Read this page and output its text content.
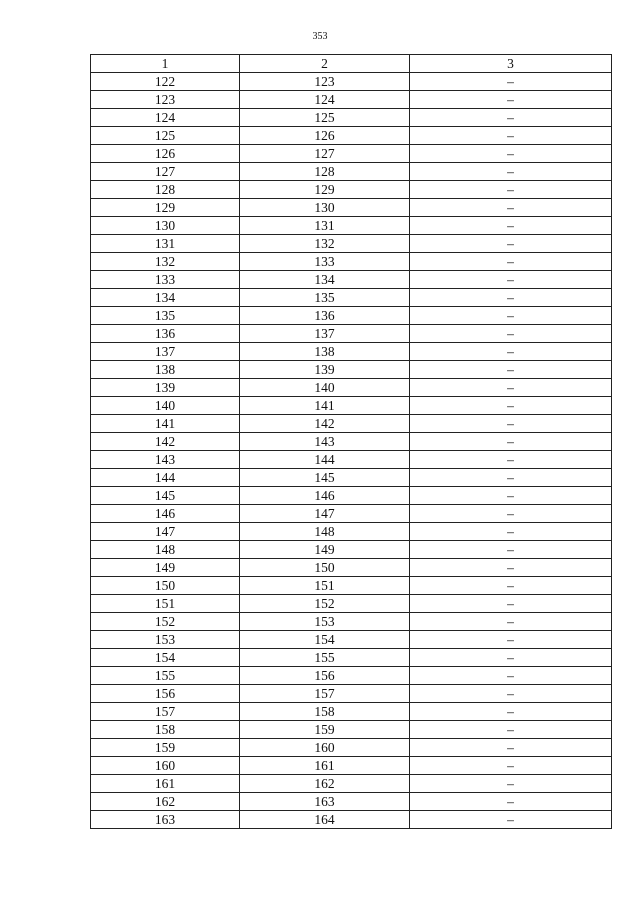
353
1	2	3
122	123	–
123	124	–
124	125	–
125	126	–
126	127	–
127	128	–
128	129	–
129	130	–
130	131	–
131	132	–
132	133	–
133	134	–
134	135	–
135	136	–
136	137	–
137	138	–
138	139	–
139	140	–
140	141	–
141	142	–
142	143	–
143	144	–
144	145	–
145	146	–
146	147	–
147	148	–
148	149	–
149	150	–
150	151	–
151	152	–
152	153	–
153	154	–
154	155	–
155	156	–
156	157	–
157	158	–
158	159	–
159	160	–
160	161	–
161	162	–
162	163	–
163	164	–
